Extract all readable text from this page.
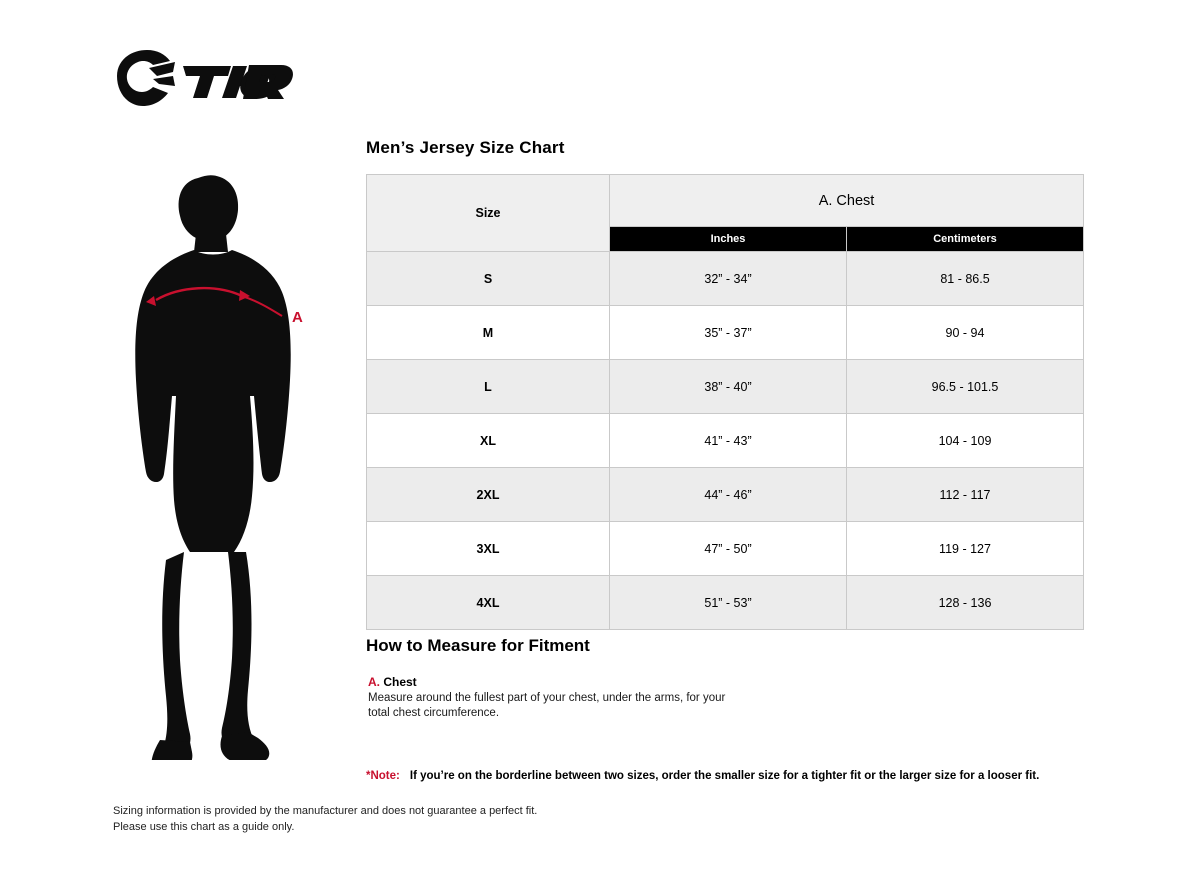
A
Men’s Jersey Size Chart
Size	A. Chest	
	Inches	Centimeters
S	32” - 34”	81 - 86.5
M	35” - 37”	90 - 94
L	38” - 40”	96.5 - 101.5
XL	41” - 43”	104 - 109
2XL	44” - 46”	112 - 117
3XL	47” - 50”	119 - 127
4XL	51” - 53”	128 - 136
How to Measure for Fitment
A. Chest
Measure around the fullest part of your chest, under the arms, for your
total chest circumference.
*Note: If you’re on the borderline between two sizes, order the smaller size for a tighter fit or the larger size for a looser fit.
Sizing information is provided by the manufacturer and does not guarantee a perfect fit.
Please use this chart as a guide only.
